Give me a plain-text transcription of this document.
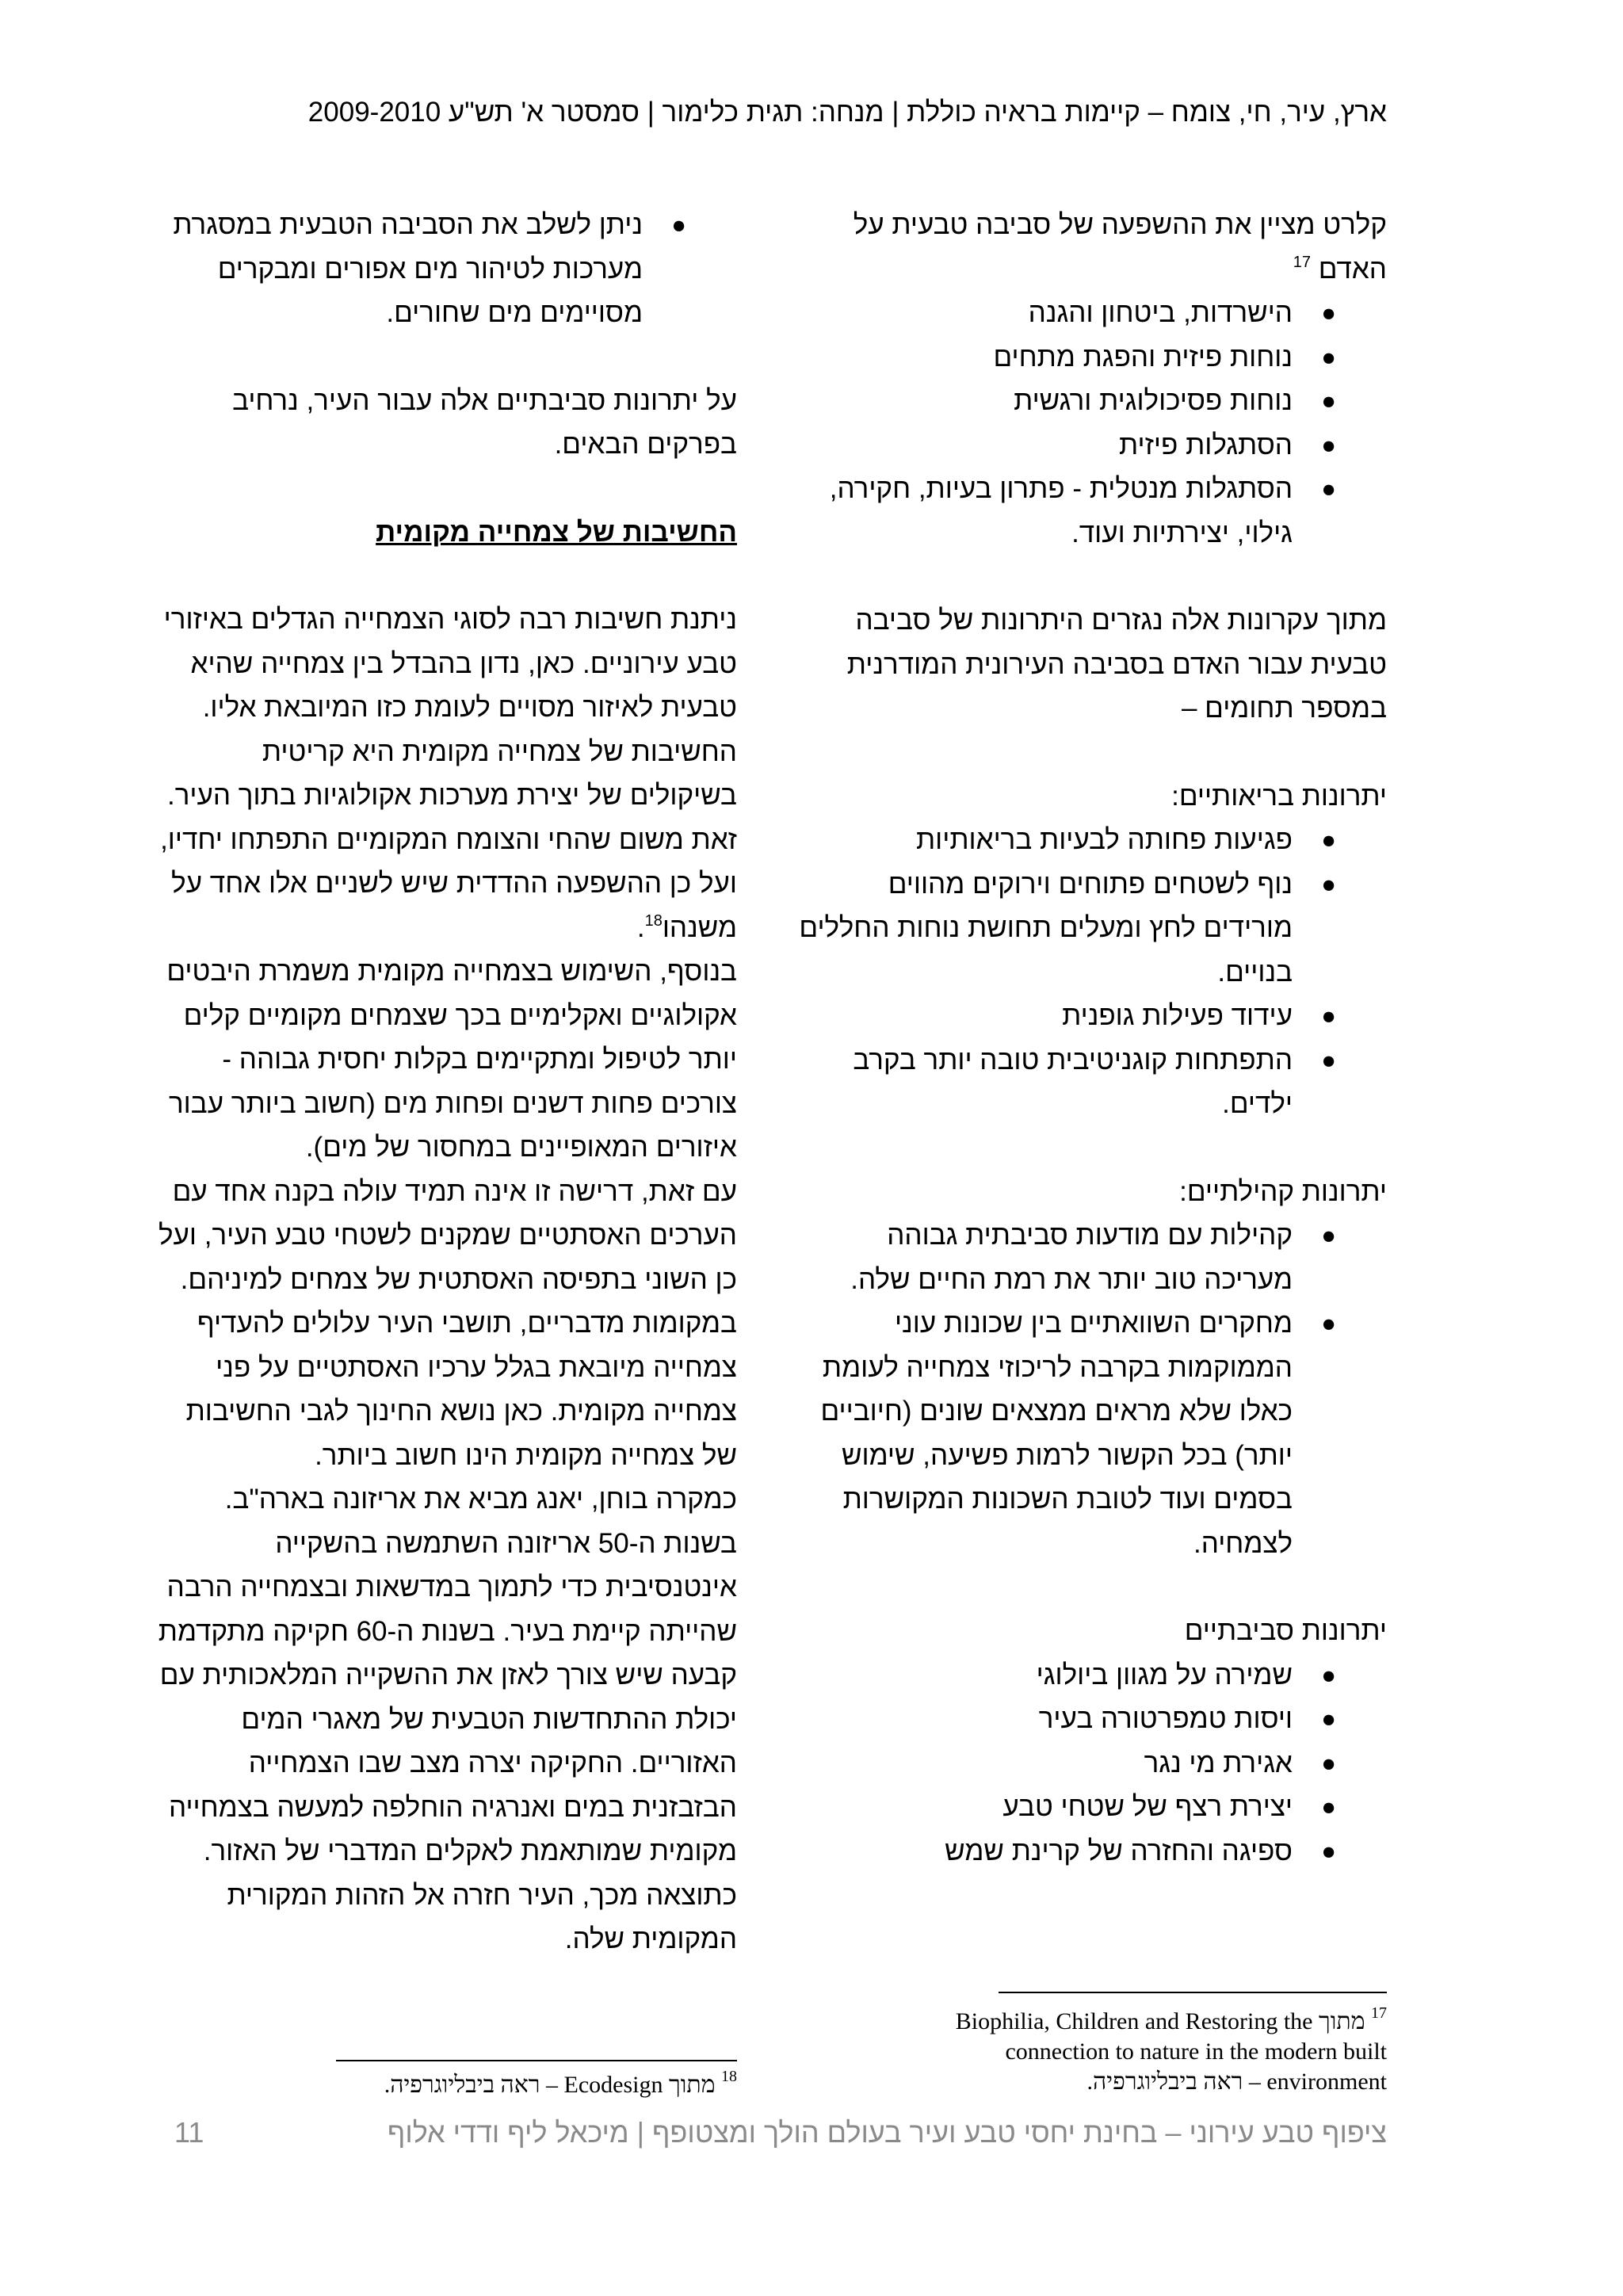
ארץ, עיר, חי, צומח – קיימות בראיה כוללת | מנחה: תגית כלימור | סמסטר א' תש"ע 2009-2010

קלרט מציין את ההשפעה של סביבה טבעית על
האדם $^{17}$

●
הישרדות, ביטחון והגנה
●
נוחות פיזית והפגת מתחים
●
נוחות פסיכולוגית ורגשית
●
הסתגלות פיזית
●
הסתגלות מנטלית - פתרון בעיות, חקירה, גילוי, יצירתיות ועוד.

מתוך עקרונות אלה נגזרים היתרונות של סביבה טבעית עבור האדם בסביבה העירונית המודרנית במספר תחומים –

יתרונות בריאותיים:

●
פגיעות פחותה לבעיות בריאותיות
●
נוף לשטחים פתוחים וירוקים מהווים מורידים לחץ ומעלים תחושת נוחות החללים בנויים.
●
עידוד פעילות גופנית
●
התפתחות קוגניטיבית טובה יותר בקרב ילדים.

יתרונות קהילתיים:

●
קהילות עם מודעות סביבתית גבוהה מעריכה טוב יותר את רמת החיים שלה.
●
מחקרים השוואתיים בין שכונות עוני הממוקמות בקרבה לריכוזי צמחייה לעומת כאלו שלא מראים ממצאים שונים (חיוביים יותר) בכל הקשור לרמות פשיעה, שימוש בסמים ועוד לטובת השכונות המקושרות לצמחיה.

יתרונות סביבתיים

●
שמירה על מגוון ביולוגי
●
ויסות טמפרטורה בעיר
●
אגירת מי נגר
●
יצירת רצף של שטחי טבע
●
ספיגה והחזרה של קרינת שמש
●
ניתן לשלב את הסביבה הטבעית במסגרת מערכות לטיהור מים אפורים ומבקרים מסויימים מים שחורים.

על יתרונות סביבתיים אלה עבור העיר, נרחיב בפרקים הבאים.

החשיבות של צמחייה מקומית

ניתנת חשיבות רבה לסוגי הצמחייה הגדלים באיזורי טבע עירוניים. כאן, נדון בהבדל בין צמחייה שהיא טבעית לאיזור מסויים לעומת כזו המיובאת אליו. החשיבות של צמחייה מקומית היא קריטית בשיקולים של יצירת מערכות אקולוגיות בתוך העיר. זאת משום שהחי והצומח המקומיים התפתחו יחדיו, ועל כן ההשפעה ההדדית שיש לשניים אלו אחד על משנהו$^{18}$.

בנוסף, השימוש בצמחייה מקומית משמרת היבטים אקולוגיים ואקלימיים בכך שצמחים מקומיים קלים יותר לטיפול ומתקיימים בקלות יחסית גבוהה - צורכים פחות דשנים ופחות מים (חשוב ביותר עבור איזורים המאופיינים במחסור של מים).

עם זאת, דרישה זו אינה תמיד עולה בקנה אחד עם הערכים האסתטיים שמקנים לשטחי טבע העיר, ועל כן השוני בתפיסה האסתטית של צמחים למיניהם.

במקומות מדבריים, תושבי העיר עלולים להעדיף צמחייה מיובאת בגלל ערכיו האסתטיים על פני צמחייה מקומית. כאן נושא החינוך לגבי החשיבות של צמחייה מקומית הינו חשוב ביותר.

כמקרה בוחן, יאנג מביא את אריזונה בארה"ב. בשנות ה-50 אריזונה השתמשה בהשקייה אינטנסיבית כדי לתמוך במדשאות ובצמחייה הרבה שהייתה קיימת בעיר. בשנות ה-60 חקיקה מתקדמת קבעה שיש צורך לאזן את ההשקייה המלאכותית עם יכולת ההתחדשות הטבעית של מאגרי המים האזוריים. החקיקה יצרה מצב שבו הצמחייה הבזבזנית במים ואנרגיה הוחלפה למעשה בצמחייה מקומית שמותאמת לאקלים המדברי של האזור. כתוצאה מכך, העיר חזרה אל הזהות המקורית המקומית שלה.

$^{17}$ מתוך Biophilia, Children and Restoring the
connection to nature in the modern built
environment – ראה ביבליוגרפיה.
$^{18}$ מתוך Ecodesign – ראה ביבליוגרפיה.
ציפוף טבע עירוני – בחינת יחסי טבע ועיר בעולם הולך ומצטופף | מיכאל ליף ודדי אלוף
11
